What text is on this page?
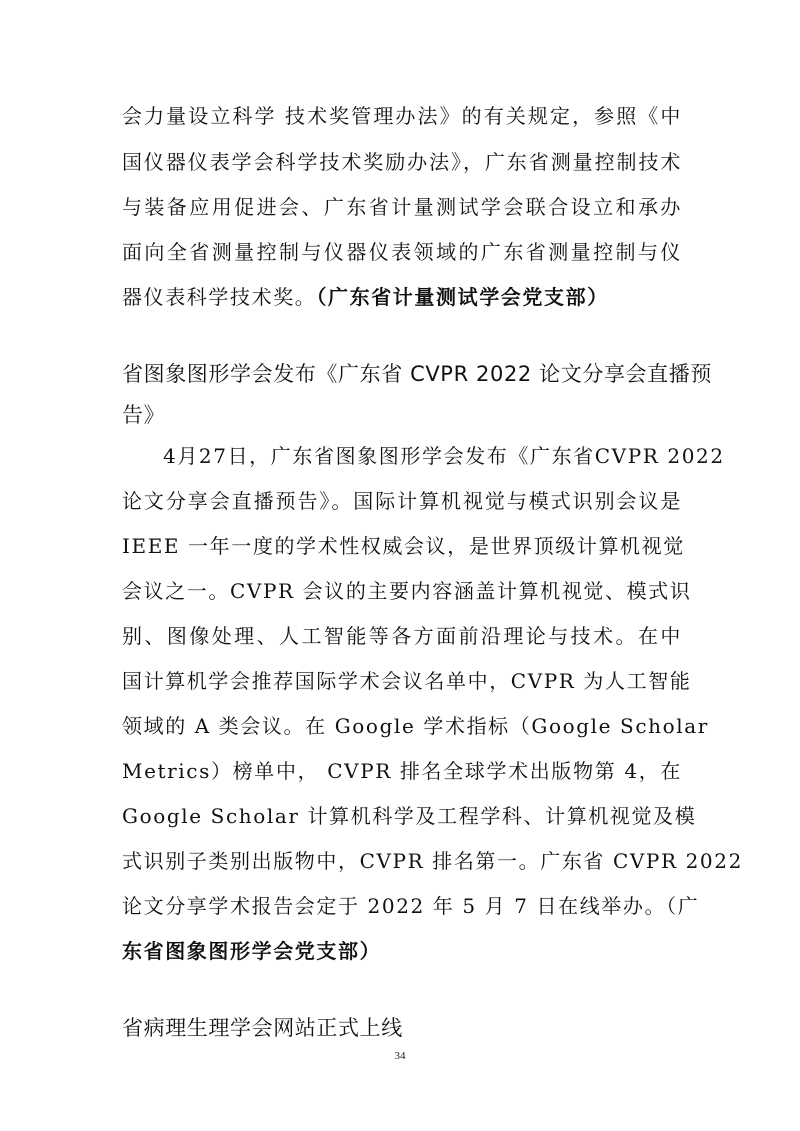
会力量设立科学 技术奖管理办法》的有关规定，参照《中
国仪器仪表学会科学技术奖励办法》，广东省测量控制技术
与装备应用促进会、广东省计量测试学会联合设立和承办
面向全省测量控制与仪器仪表领域的广东省测量控制与仪
器仪表科学技术奖。（广东省计量测试学会党支部）
省图象图形学会发布《广东省 CVPR 2022 论文分享会直播预
告》
4月27日，广东省图象图形学会发布《广东省CVPR 2022
论文分享会直播预告》。国际计算机视觉与模式识别会议是
IEEE 一年一度的学术性权威会议，是世界顶级计算机视觉
会议之一。CVPR 会议的主要内容涵盖计算机视觉、模式识
别、图像处理、人工智能等各方面前沿理论与技术。在中
国计算机学会推荐国际学术会议名单中，CVPR 为人工智能
领域的 A 类会议。在 Google 学术指标（Google Scholar
Metrics）榜单中， CVPR 排名全球学术出版物第 4，在
Google Scholar 计算机科学及工程学科、计算机视觉及模
式识别子类别出版物中，CVPR 排名第一。广东省 CVPR 2022
论文分享学术报告会定于 2022 年 5 月 7 日在线举办。（广
东省图象图形学会党支部）
省病理生理学会网站正式上线
34
